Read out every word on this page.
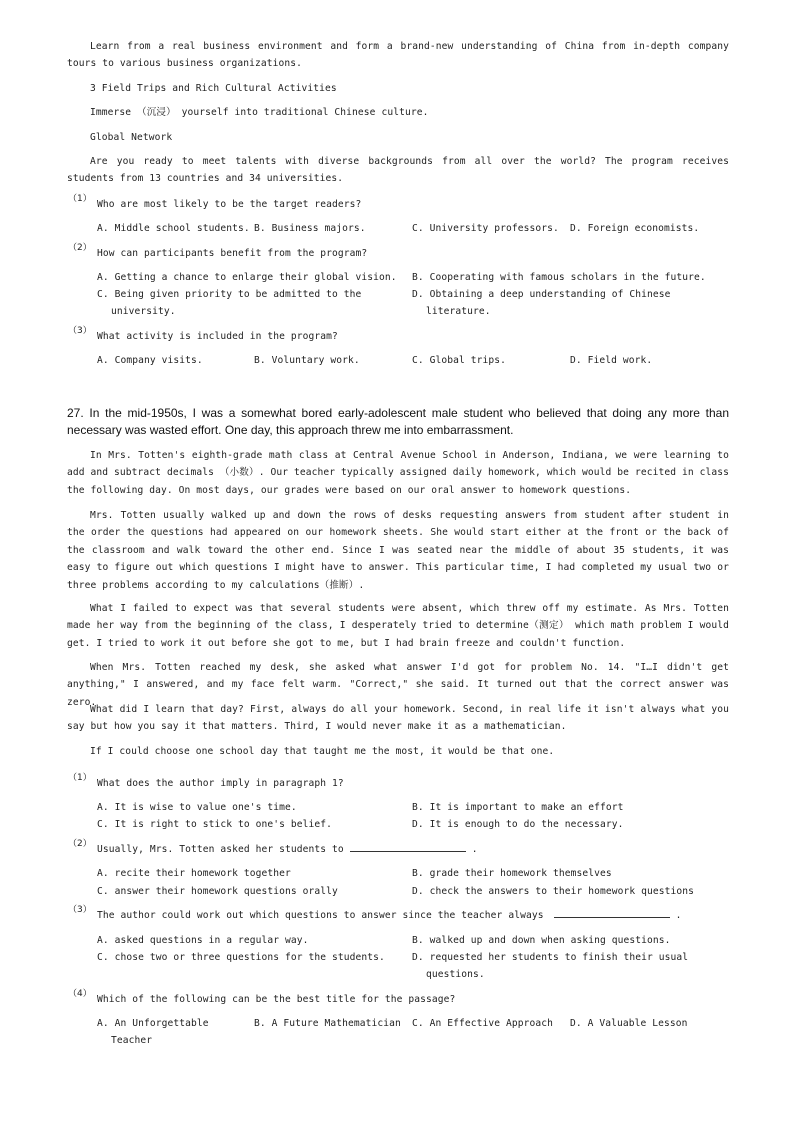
Learn from a real business environment and form a brand-new understanding of China from in-depth company tours to various business organizations.

3 Field Trips and Rich Cultural Activities

Immerse （沉浸） yourself into traditional Chinese culture.

Global Network

Are you ready to meet talents with diverse backgrounds from all over the world? The program receives students from 13 countries and 34 universities.

（1） Who are most likely to be the target readers?

A. Middle school students. B. Business majors.	C. University professors.	D. Foreign economists.

（2） How can participants benefit from the program?

A. Getting a chance to enlarge their global vision.	B. Cooperating with famous scholars in the future.

C. Being given priority to be admitted to the university.

D. Obtaining a deep understanding of Chinese literature.

（3） What activity is included in the program?

A. Company visits.	B. Voluntary work.	C. Global trips.	D. Field work.

27. In the mid-1950s, I was a somewhat bored early-adolescent male student who believed that doing any more than necessary was wasted effort. One day, this approach threw me into embarrassment.

In Mrs. Totten's eighth-grade math class at Central Avenue School in Anderson, Indiana, we were learning to add and subtract decimals （小数）. Our teacher typically assigned daily homework, which would be recited in class the following day. On most days, our grades were based on our oral answer to homework questions.

Mrs. Totten usually walked up and down the rows of desks requesting answers from student after student in the order the questions had appeared on our homework sheets. She would start either at the front or the back of the classroom and walk toward the other end. Since I was seated near the middle of about 35 students, it was easy to figure out which questions I might have to answer. This particular time, I had completed my usual two or three problems according to my calculations（推断）.

What I failed to expect was that several students were absent, which threw off my estimate. As Mrs. Totten made her way from the beginning of the class, I desperately tried to determine（测定） which math problem I would get. I tried to work it out before she got to me, but I had brain freeze and couldn't function.

When Mrs. Totten reached my desk, she asked what answer I'd got for problem No. 14. "I…I didn't get anything," I answered, and my face felt warm. "Correct," she said. It turned out that the correct answer was zero.

What did I learn that day? First, always do all your homework. Second, in real life it isn't always what you say but how you say it that matters. Third, I would never make it as a mathematician.

If I could choose one school day that taught me the most, it would be that one.

（1） What does the author imply in paragraph 1?

A. It is wise to value one's time.	B. It is important to make an effort

C. It is right to stick to one's belief.	D. It is enough to do the necessary.

（2） Usually, Mrs. Totten asked her students to	.

A. recite their homework together	B. grade their homework themselves

C. answer their homework questions orally	D. check the answers to their homework questions

（3） The author could work out which questions to answer since the teacher always	.

A. asked questions in a regular way.	B. walked up and down when asking questions.

C. chose two or three questions for the students.	D. requested her students to finish their usual questions.

（4） Which of the following can be the best title for the passage?

A. An Unforgettable Teacher

B. A Future Mathematician	C. An Effective Approach	D. A Valuable Lesson
